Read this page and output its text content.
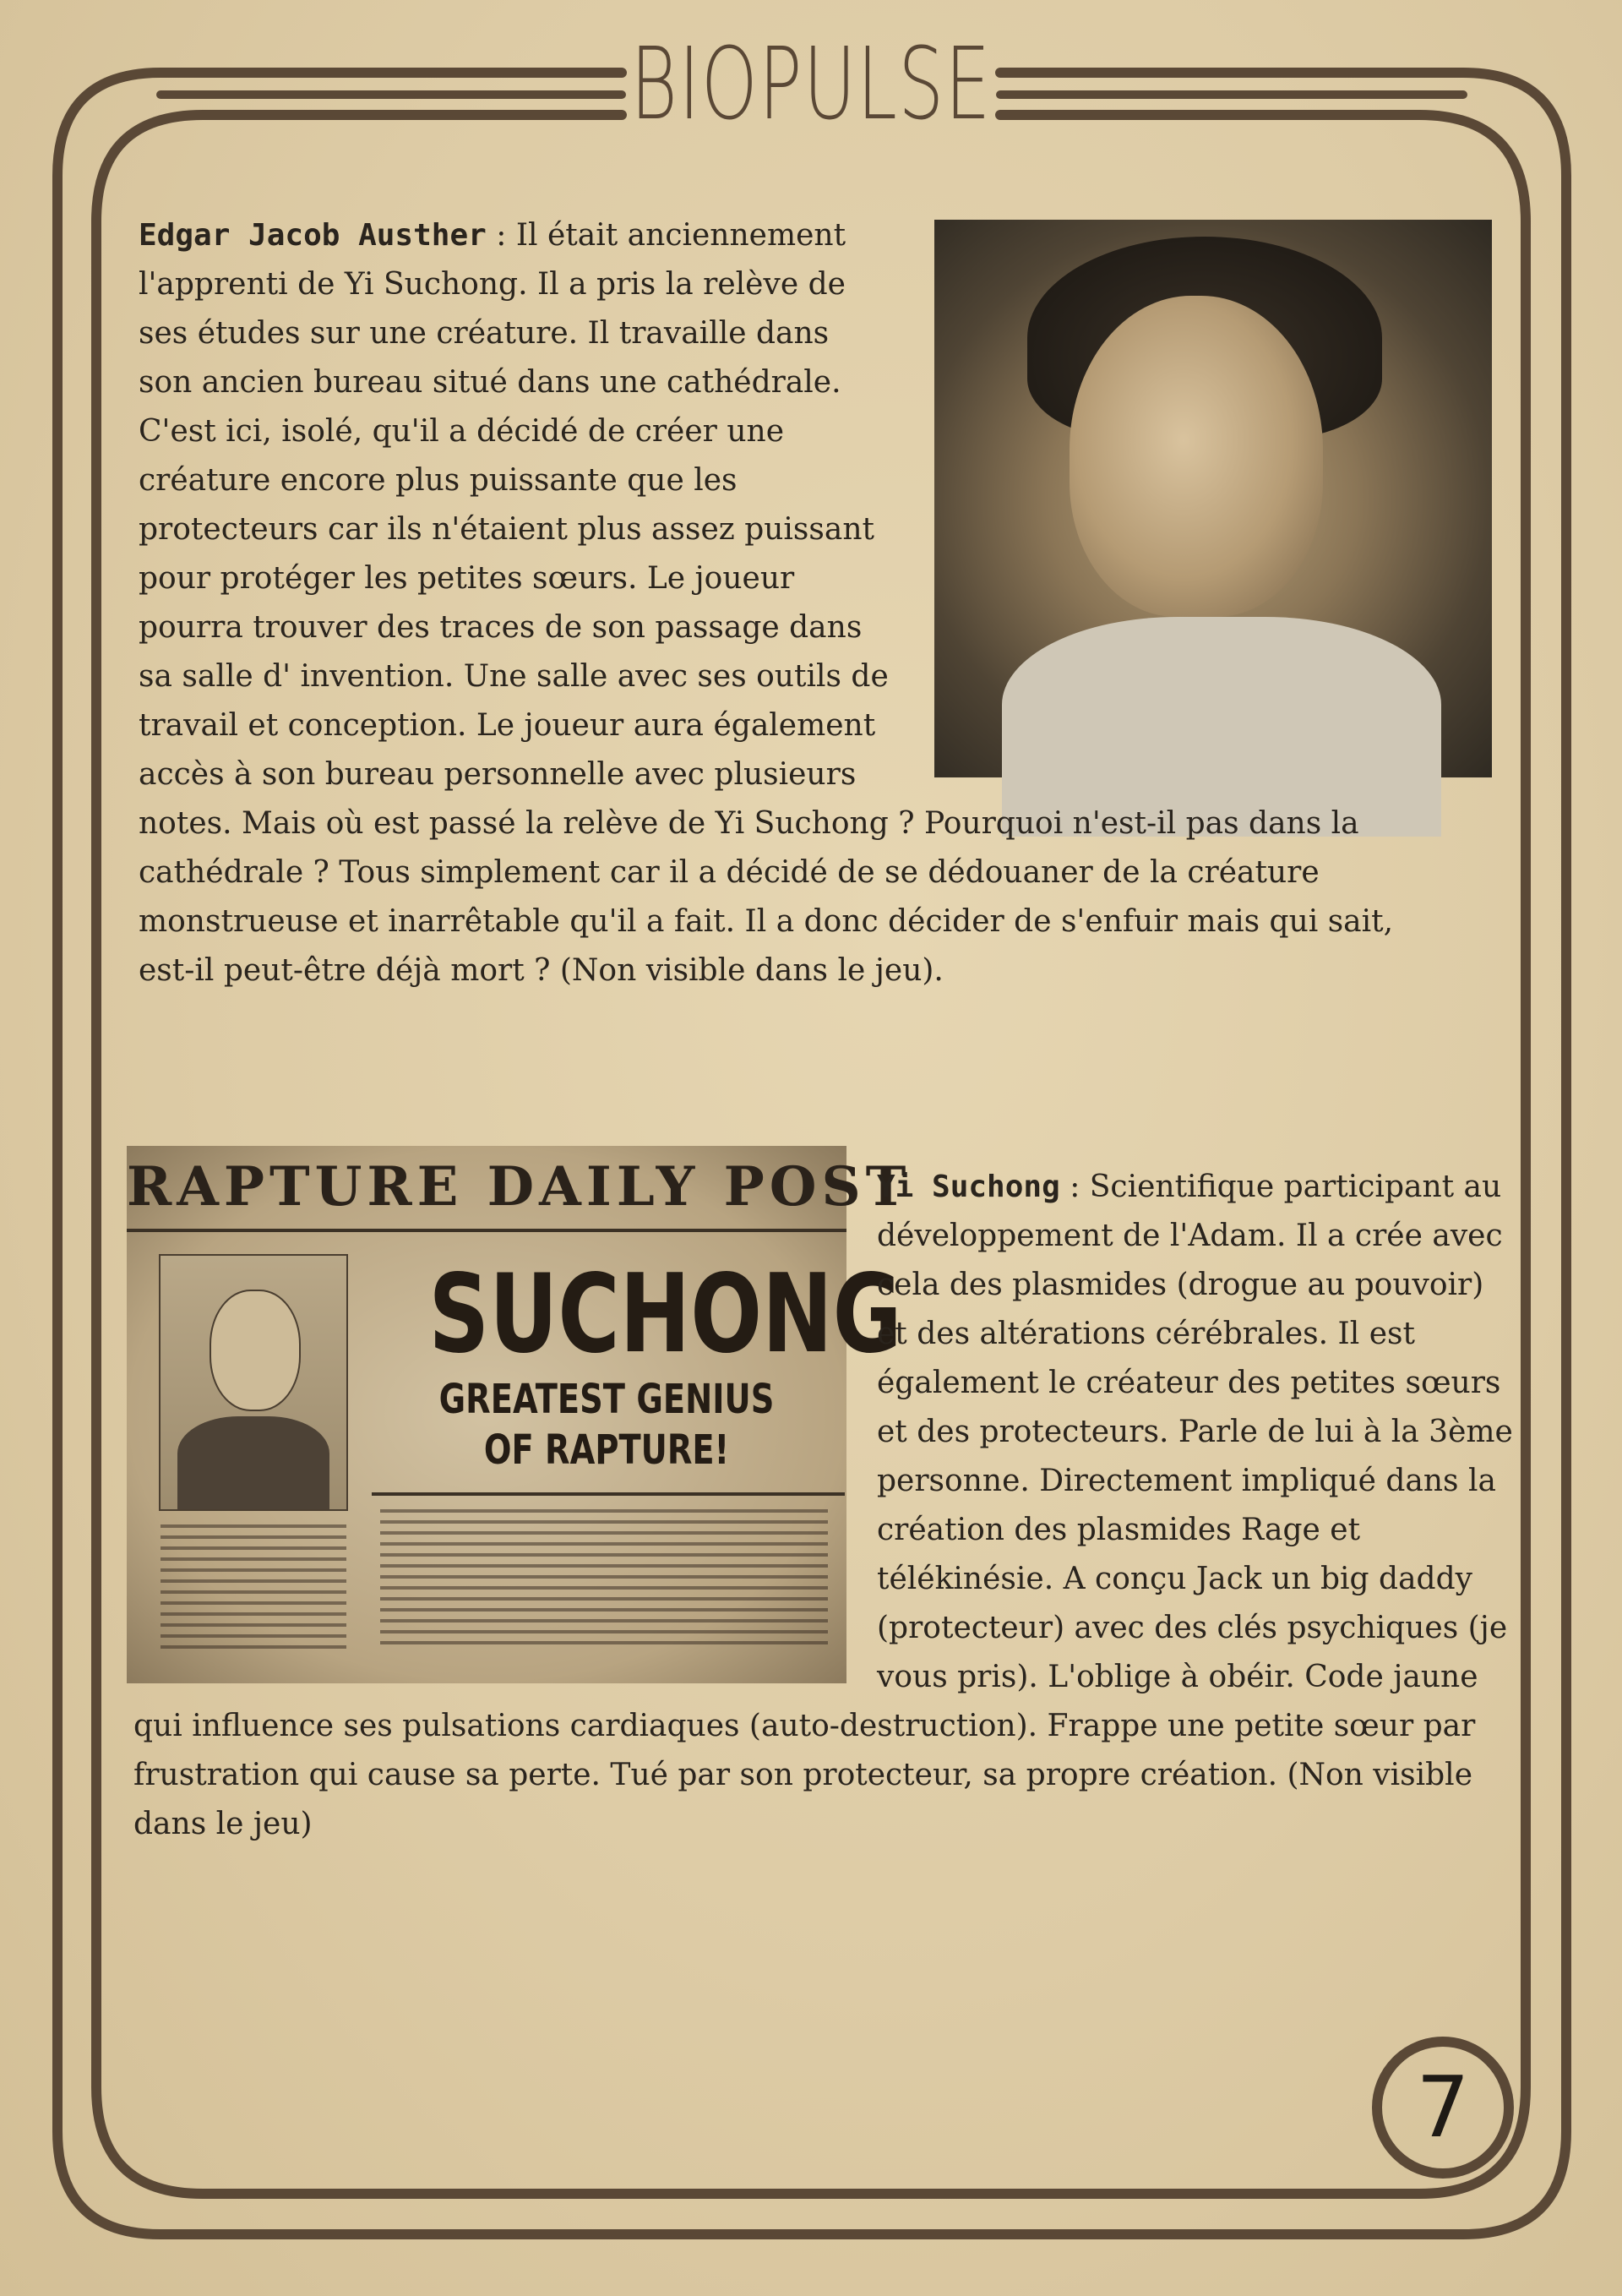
BIOPULSE
Edgar Jacob Austher : Il était anciennement l'apprenti de Yi Suchong. Il a pris la relève de ses études sur une créature. Il travaille dans son ancien bureau situé dans une cathédrale. C'est ici, isolé, qu'il a décidé de créer une créature encore plus puissante que les protecteurs car ils n'étaient plus assez puissant pour protéger les petites sœurs. Le joueur pourra trouver des traces de son passage dans sa salle d' invention. Une salle avec ses outils de travail et conception. Le joueur aura également accès à son bureau personnelle avec plusieurs notes. Mais où est passé la relève de Yi Suchong ? Pourquoi n'est-il pas dans la cathédrale ? Tous simplement car il a décidé de se dédouaner de la créature monstrueuse et inarrêtable qu'il a fait. Il a donc décider de s'enfuir mais qui sait, est-il peut-être déjà mort ? (Non visible dans le jeu).
RAPTURE DAILY POST
SUCHONG
GREATEST GENIUS
OF RAPTURE!
Yi Suchong : Scientifique participant au développement de l'Adam. Il a crée avec cela des plasmides (drogue au pouvoir) et des altérations cérébrales. Il est également le créateur des petites sœurs et des protecteurs. Parle de lui à la 3ème personne. Directement impliqué dans la création des plasmides Rage et télékinésie. A conçu Jack un big daddy (protecteur) avec des clés psychiques (je vous pris). L'oblige à obéir. Code jaune qui influence ses pulsations cardiaques (auto-destruction). Frappe une petite sœur par frustration qui cause sa perte. Tué par son protecteur, sa propre création. (Non visible dans le jeu)
7
